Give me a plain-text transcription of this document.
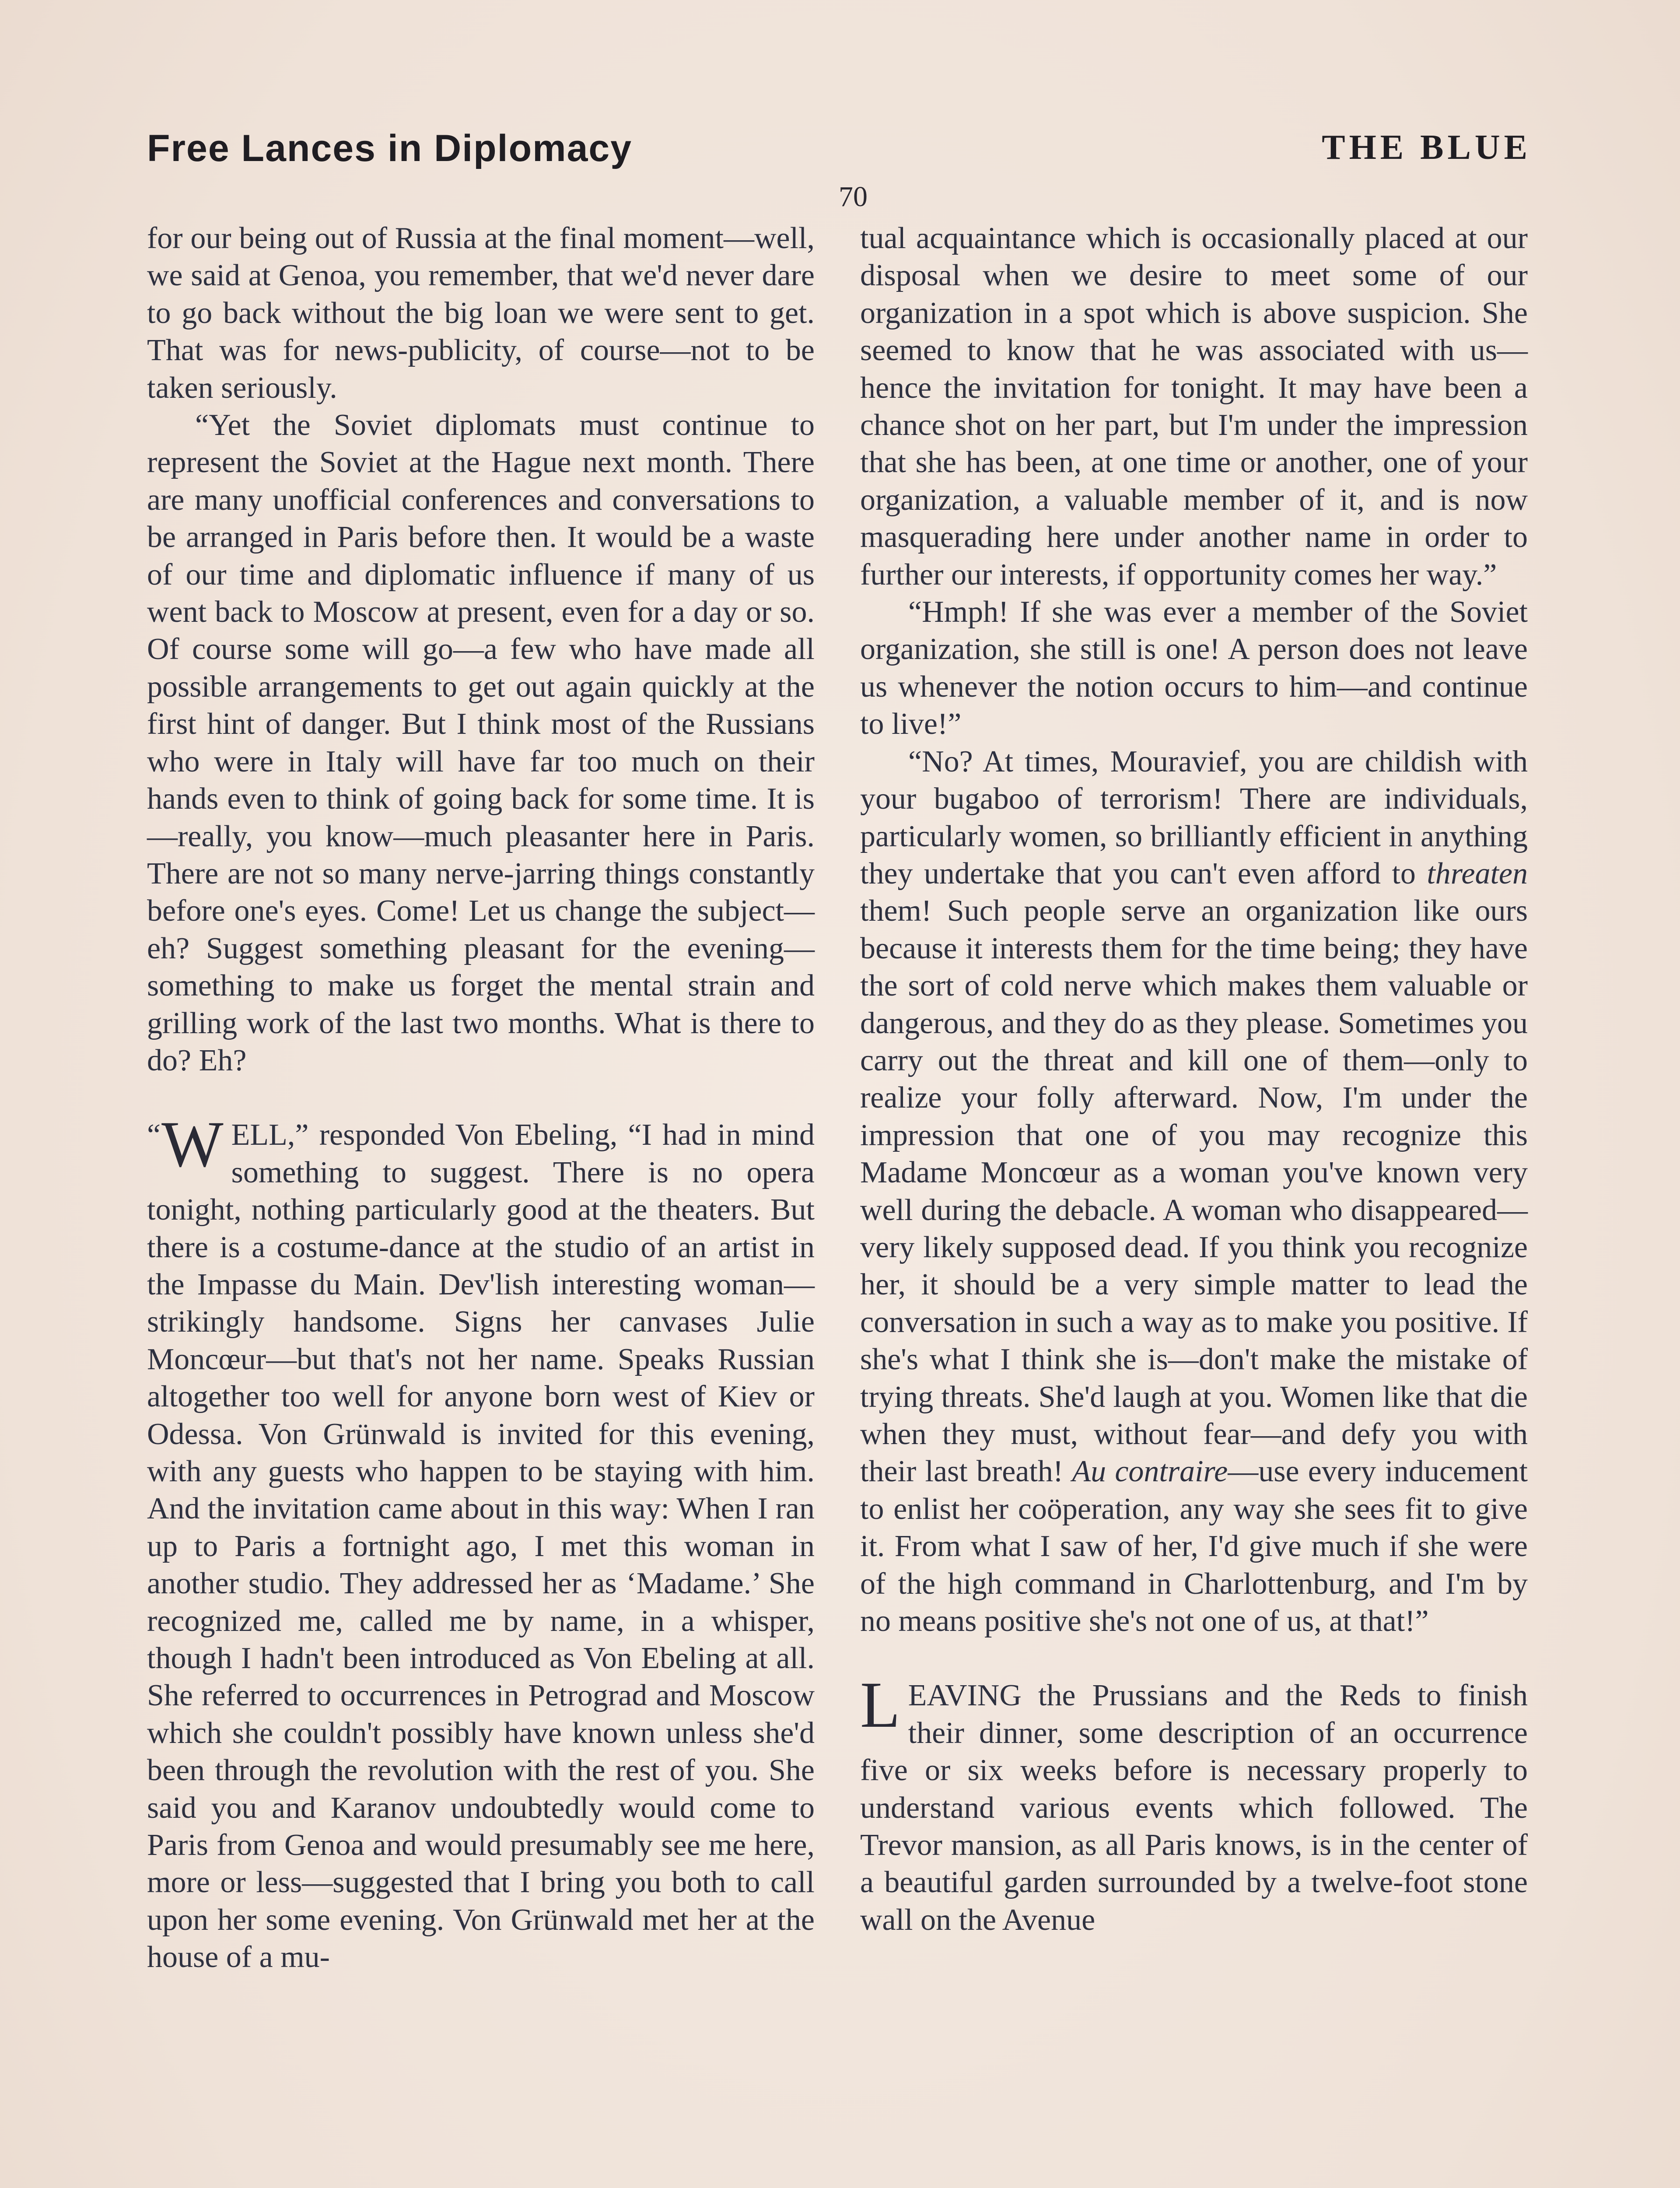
Free Lances in Diplomacy	THE BLUE
70

for our being out of Russia at the final moment—well, we said at Genoa, you remember, that we'd never dare to go back without the big loan we were sent to get. That was for news-publicity, of course—not to be taken seriously.

“Yet the Soviet diplomats must continue to represent the Soviet at the Hague next month. There are many unofficial conferences and conversations to be arranged in Paris before then. It would be a waste of our time and diplomatic influence if many of us went back to Moscow at present, even for a day or so. Of course some will go—a few who have made all possible arrangements to get out again quickly at the first hint of danger. But I think most of the Russians who were in Italy will have far too much on their hands even to think of going back for some time. It is—really, you know—much pleasanter here in Paris. There are not so many nerve-jarring things constantly before one's eyes. Come! Let us change the subject—eh? Suggest something pleasant for the evening—something to make us forget the mental strain and grilling work of the last two months. What is there to do? Eh?

“ W ELL,” responded Von Ebeling, “I had in mind something to suggest. There is no opera tonight, nothing particularly good at the theaters. But there is a costume-dance at the studio of an artist in the Impasse du Main. Dev'lish interesting woman—strikingly handsome. Signs her canvases Julie Moncœur—but that's not her name. Speaks Russian altogether too well for anyone born west of Kiev or Odessa. Von Grünwald is invited for this evening, with any guests who happen to be staying with him. And the invitation came about in this way: When I ran up to Paris a fortnight ago, I met this woman in another studio. They addressed her as ‘Madame.’ She recognized me, called me by name, in a whisper, though I hadn't been introduced as Von Ebeling at all. She referred to occurrences in Petrograd and Moscow which she couldn't possibly have known unless she'd been through the revolution with the rest of you. She said you and Karanov undoubtedly would come to Paris from Genoa and would presumably see me here, more or less—suggested that I bring you both to call upon her some evening. Von Grünwald met her at the house of a mu-

tual acquaintance which is occasionally placed at our disposal when we desire to meet some of our organization in a spot which is above suspicion. She seemed to know that he was associated with us—hence the invitation for tonight. It may have been a chance shot on her part, but I'm under the impression that she has been, at one time or another, one of your organization, a valuable member of it, and is now masquerading here under another name in order to further our interests, if opportunity comes her way.”

“Hmph! If she was ever a member of the Soviet organization, she still is one! A person does not leave us whenever the notion occurs to him—and continue to live!”

“No? At times, Mouravief, you are childish with your bugaboo of terrorism! There are individuals, particularly women, so brilliantly efficient in anything they undertake that you can't even afford to threaten them! Such people serve an organization like ours because it interests them for the time being; they have the sort of cold nerve which makes them valuable or dangerous, and they do as they please. Sometimes you carry out the threat and kill one of them—only to realize your folly afterward. Now, I'm under the impression that one of you may recognize this Madame Moncœur as a woman you've known very well during the debacle. A woman who disappeared—very likely supposed dead. If you think you recognize her, it should be a very simple matter to lead the conversation in such a way as to make you positive. If she's what I think she is—don't make the mistake of trying threats. She'd laugh at you. Women like that die when they must, without fear—and defy you with their last breath! Au contraire—use every inducement to enlist her coöperation, any way she sees fit to give it. From what I saw of her, I'd give much if she were of the high command in Charlottenburg, and I'm by no means positive she's not one of us, at that!”

LEAVING the Prussians and the Reds to finish their dinner, some description of an occurrence five or six weeks before is necessary properly to understand various events which followed. The Trevor mansion, as all Paris knows, is in the center of a beautiful garden surrounded by a twelve-foot stone wall on the Avenue
